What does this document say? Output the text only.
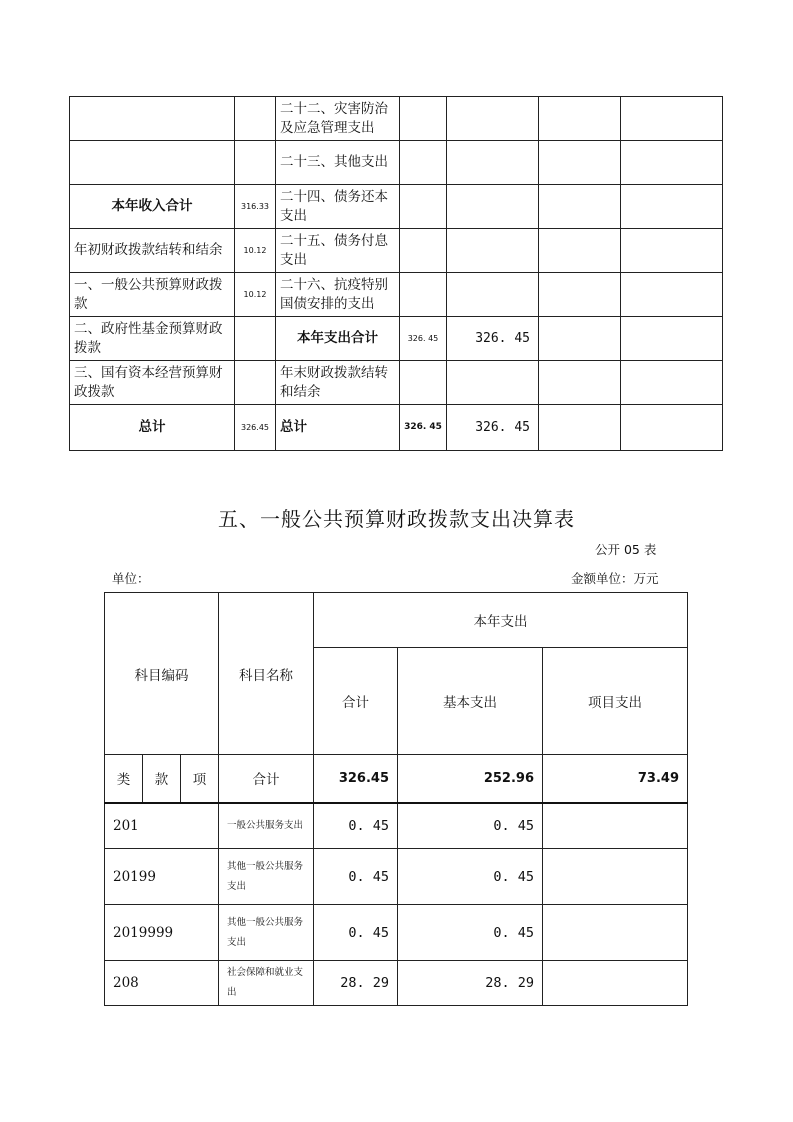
		二十二、灾害防治及应急管理支出				
		二十三、其他支出				
本年收入合计	316.33	二十四、债务还本支出				
年初财政拨款结转和结余	10.12	二十五、债务付息支出				
一、一般公共预算财政拨款	10.12	二十六、抗疫特别国债安排的支出				
二、政府性基金预算财政拨款		本年支出合计	326. 45	326. 45		
三、国有资本经营预算财政拨款		年末财政拨款结转和结余				
总计	326.45	总计	326. 45	326. 45		
五、一般公共预算财政拨款支出决算表
公开 05 表
单位：	金额单位：万元
科目编码			科目名称	本年支出		
				合计	基本支出	项目支出
类	款	项	合计	326.45	252.96	73.49
201			一般公共服务支出	0. 45	0. 45	
20199			其他一般公共服务支出	0. 45	0. 45	
2019999			其他一般公共服务支出	0. 45	0. 45	
208			社会保障和就业支出	28. 29	28. 29	
